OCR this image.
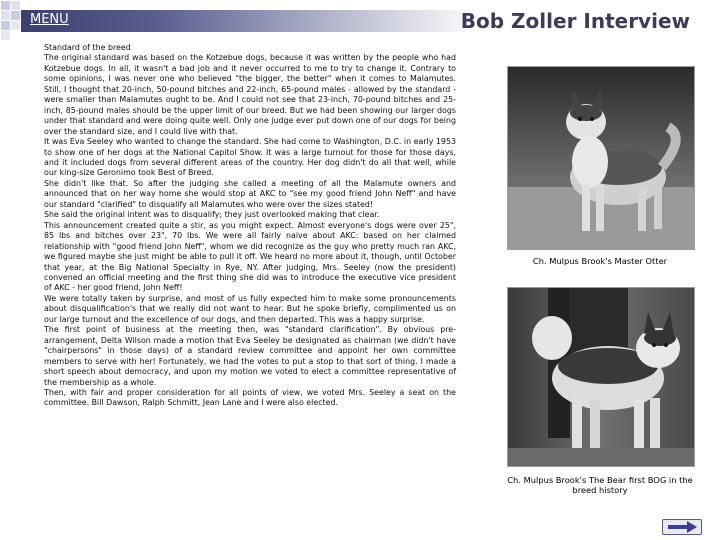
MENU	Bob Zoller Interview

Standard of the breed

The original standard was based on the Kotzebue dogs, because it was written by the people who had Kotzebue dogs. In all, it wasn't a bad job and it never occurred to me to try to change it. Contrary to some opinions, I was never one who believed "the bigger, the better" when it comes to Malamutes. Still, I thought that 20-inch, 50-pound bitches and 22-inch, 65-pound males - allowed by the standard - were smaller than Malamutes ought to be. And I could not see that 23-inch, 70-pound bitches and 25-inch, 85-pound males should be the upper limit of our breed. But we had been showing our larger dogs under that standard and were doing quite well. Only one judge ever put down one of our dogs for being over the standard size, and I could live with that.

It was Eva Seeley who wanted to change the standard. She had come to Washington, D.C. in early 1953 to show one of her dogs at the National Capitol Show. It was a large turnout for those for those days, and it included dogs from several different areas of the country. Her dog didn't do all that well, while our king-size Geronimo took Best of Breed.

She didn't like that. So after the judging she called a meeting of all the Malamute owners and announced that on her way home she would stop at AKC to "see my good friend John Neff" and have our standard "clarified" to disqualify all Malamutes who were over the sizes stated!

She said the original intent was to disqualify; they just overlooked making that clear.

This announcement created quite a stir, as you might expect. Almost everyone's dogs were over 25", 85 lbs and bitches over 23", 70 lbs. We were all fairly naive about AKC: based on her claimed relationship with "good friend John Neff", whom we did recognize as the guy who pretty much ran AKC, we figured maybe she just might be able to pull it off. We heard no more about it, though, until October that year, at the Big National Specialty in Rye, NY. After judging, Mrs. Seeley (now the president) convened an official meeting and the first thing she did was to introduce the executive vice president of AKC - her good friend, John Neff!

We were totally taken by surprise, and most of us fully expected him to make some pronouncements about disqualification's that we really did not want to hear. But he spoke briefly, complimented us on our large turnout and the excellence of our dogs, and then departed. This was a happy surprise.

The first point of business at the meeting then, was "standard clarification". By obvious pre-arrangement, Delta Wilson made a motion that Eva Seeley be designated as chairman (we didn't have "chairpersons" in those days) of a standard review committee and appoint her own committee members to serve with her! Fortunately, we had the votes to put a stop to that sort of thing. I made a short speech about democracy, and upon my motion we voted to elect a committee representative of the membership as a whole.

Then, with fair and proper consideration for all points of view, we voted Mrs. Seeley a seat on the committee. Bill Dawson, Ralph Schmitt, Jean Lane and I were also elected.

Ch. Mulpus Brook's Master Otter
Ch. Mulpus Brook's The Bear first BOG in the breed history
